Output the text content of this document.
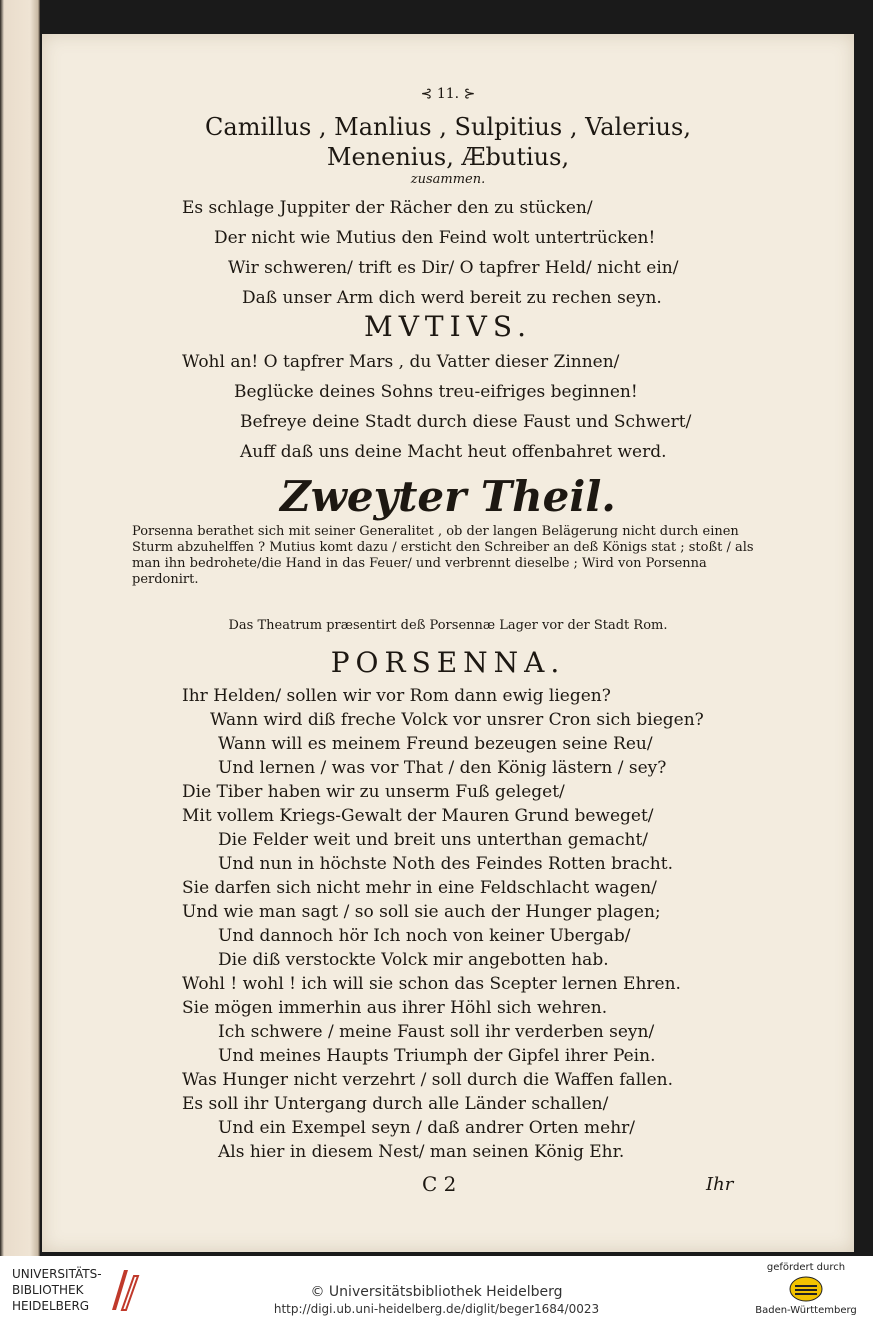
⊰ 11. ⊱
Camillus , Manlius , Sulpitius , Valerius,
Menenius, Æbutius,
zusammen.
Es schlage Juppiter der Rächer den zu stücken/
Der nicht wie Mutius den Feind wolt untertrücken!
Wir schweren/ trift es Dir/ O tapfrer Held/ nicht ein/
Daß unser Arm dich werd bereit zu rechen seyn.
MVTIVS.
Wohl an! O tapfrer Mars , du Vatter dieser Zinnen/
Beglücke deines Sohns treu-eifriges beginnen!
Befreye deine Stadt durch diese Faust und Schwert/
Auff daß uns deine Macht heut offenbahret werd.
Zweyter Theil.
Porsenna berathet sich mit seiner Generalitet , ob der langen Belägerung nicht durch einen Sturm abzuhelffen ? Mutius komt dazu / ersticht den Schreiber an deß Königs stat ; stoßt / als man ihn bedrohete/die Hand in das Feuer/ und verbrennt dieselbe ; Wird von Porsenna perdonirt.
Das Theatrum præsentirt deß Porsennæ Lager vor der Stadt Rom.
PORSENNA.
Ihr Helden/ sollen wir vor Rom dann ewig liegen?
Wann wird diß freche Volck vor unsrer Cron sich biegen?
Wann will es meinem Freund bezeugen seine Reu/
Und lernen / was vor That / den König lästern / sey?
Die Tiber haben wir zu unserm Fuß geleget/
Mit vollem Kriegs-Gewalt der Mauren Grund beweget/
Die Felder weit und breit uns unterthan gemacht/
Und nun in höchste Noth des Feindes Rotten bracht.
Sie darfen sich nicht mehr in eine Feldschlacht wagen/
Und wie man sagt / so soll sie auch der Hunger plagen;
Und dannoch hör Ich noch von keiner Ubergab/
Die diß verstockte Volck mir angebotten hab.
Wohl ! wohl ! ich will sie schon das Scepter lernen Ehren.
Sie mögen immerhin aus ihrer Höhl sich wehren.
Ich schwere / meine Faust soll ihr verderben seyn/
Und meines Haupts Triumph der Gipfel ihrer Pein.
Was Hunger nicht verzehrt / soll durch die Waffen fallen.
Es soll ihr Untergang durch alle Länder schallen/
Und ein Exempel seyn / daß andrer Orten mehr/
Als hier in diesem Nest/ man seinen König Ehr.
C 2	Ihr
UNIVERSITÄTS-
BIBLIOTHEK
HEIDELBERG
© Universitätsbibliothek Heidelberg
http://digi.ub.uni-heidelberg.de/diglit/beger1684/0023
gefördert durch
Baden-Württemberg
